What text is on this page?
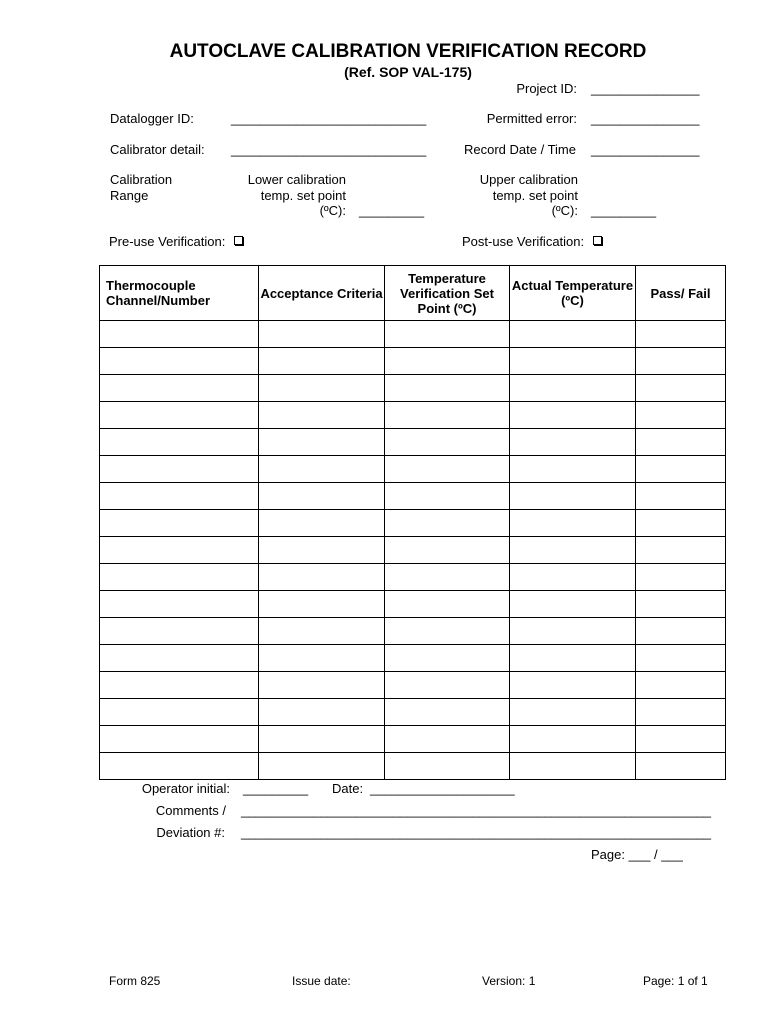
AUTOCLAVE CALIBRATION VERIFICATION RECORD
(Ref. SOP VAL-175)
Project ID: _______________
Datalogger ID:	___________________________	Permitted error: _______________
Calibrator detail: ___________________________	Record Date / Time _______________
Calibration
Range
Lower calibration
temp. set point
(ºC): _________
Upper calibration
temp. set point
(ºC): _________
Pre-use Verification:	Post-use Verification:
Thermocouple Channel/Number	Acceptance Criteria	Temperature Verification Set Point (ºC)	Actual Temperature (ºC)	Pass/ Fail

Operator initial: _________ Date: ____________________
Comments / _________________________________________________________________
Deviation #: _________________________________________________________________
Page: ___ / ___
Form 825	Issue date:	Version: 1	Page: 1 of 1
